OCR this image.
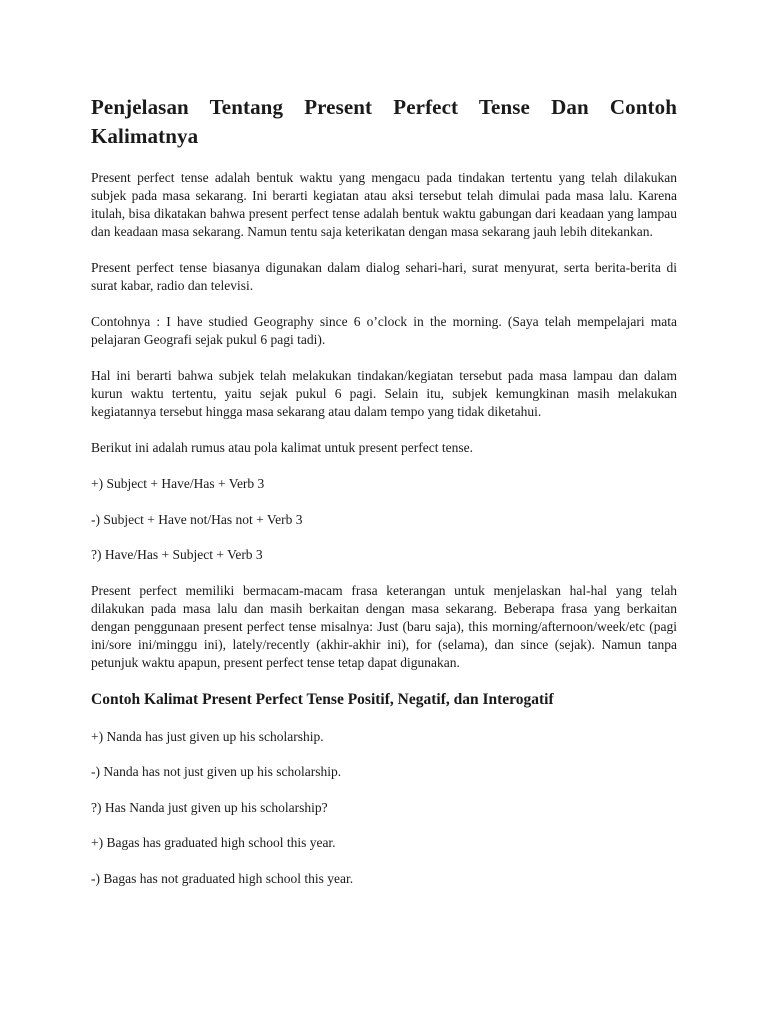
Penjelasan Tentang Present Perfect Tense Dan Contoh Kalimatnya

Present perfect tense adalah bentuk waktu yang mengacu pada tindakan tertentu yang telah dilakukan subjek pada masa sekarang. Ini berarti kegiatan atau aksi tersebut telah dimulai pada masa lalu. Karena itulah, bisa dikatakan bahwa present perfect tense adalah bentuk waktu gabungan dari keadaan yang lampau dan keadaan masa sekarang. Namun tentu saja keterikatan dengan masa sekarang jauh lebih ditekankan.

Present perfect tense biasanya digunakan dalam dialog sehari-hari, surat menyurat, serta berita-berita di surat kabar, radio dan televisi.

Contohnya : I have studied Geography since 6 o’clock in the morning. (Saya telah mempelajari mata pelajaran Geografi sejak pukul 6 pagi tadi).

Hal ini berarti bahwa subjek telah melakukan tindakan/kegiatan tersebut pada masa lampau dan dalam kurun waktu tertentu, yaitu sejak pukul 6 pagi. Selain itu, subjek kemungkinan masih melakukan kegiatannya tersebut hingga masa sekarang atau dalam tempo yang tidak diketahui.

Berikut ini adalah rumus atau pola kalimat untuk present perfect tense.

+) Subject + Have/Has + Verb 3

-) Subject + Have not/Has not + Verb 3

?) Have/Has + Subject + Verb 3

Present perfect memiliki bermacam-macam frasa keterangan untuk menjelaskan hal-hal yang telah dilakukan pada masa lalu dan masih berkaitan dengan masa sekarang. Beberapa frasa yang berkaitan dengan penggunaan present perfect tense misalnya: Just (baru saja), this morning/afternoon/week/etc (pagi ini/sore ini/minggu ini), lately/recently (akhir-akhir ini), for (selama), dan since (sejak). Namun tanpa petunjuk waktu apapun, present perfect tense tetap dapat digunakan.

Contoh Kalimat Present Perfect Tense Positif, Negatif, dan Interogatif

+) Nanda has just given up his scholarship.

-) Nanda has not just given up his scholarship.

?) Has Nanda just given up his scholarship?

+) Bagas has graduated high school this year.

-) Bagas has not graduated high school this year.
